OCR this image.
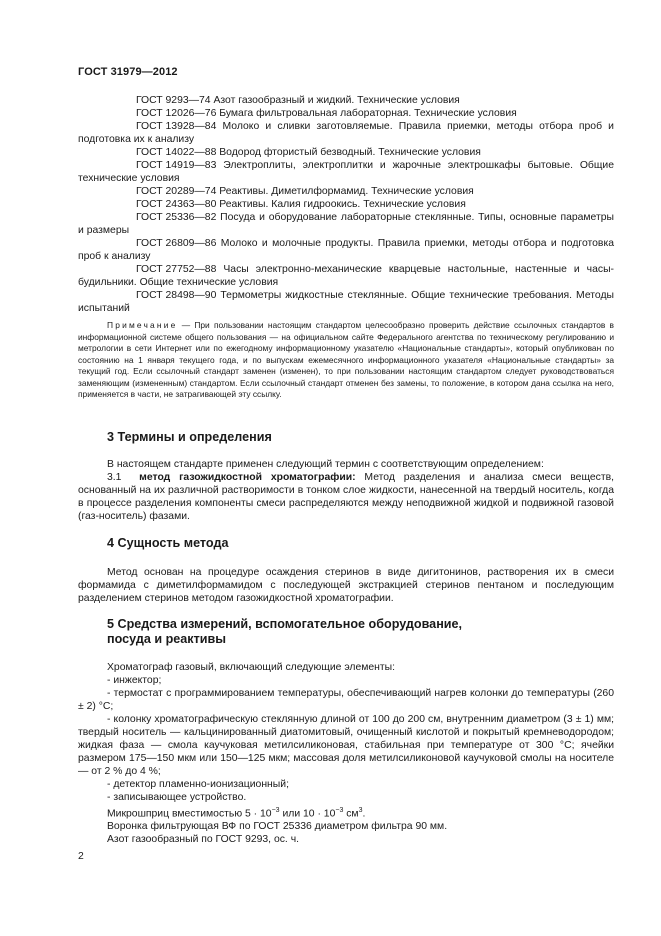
ГОСТ 31979—2012

ГОСТ 9293—74 Азот газообразный и жидкий. Технические условия

ГОСТ 12026—76 Бумага фильтровальная лабораторная. Технические условия

ГОСТ 13928—84 Молоко и сливки заготовляемые. Правила приемки, методы отбора проб и подготовка их к анализу

ГОСТ 14022—88 Водород фтористый безводный. Технические условия

ГОСТ 14919—83 Электроплиты, электроплитки и жарочные электрошкафы бытовые. Общие технические условия

ГОСТ 20289—74 Реактивы. Диметилформамид. Технические условия

ГОСТ 24363—80 Реактивы. Калия гидроокись. Технические условия

ГОСТ 25336—82 Посуда и оборудование лабораторные стеклянные. Типы, основные параметры и размеры

ГОСТ 26809—86 Молоко и молочные продукты. Правила приемки, методы отбора и подготовка проб к анализу

ГОСТ 27752—88 Часы электронно-механические кварцевые настольные, настенные и часы-будильники. Общие технические условия

ГОСТ 28498—90 Термометры жидкостные стеклянные. Общие технические требования. Методы испытаний

Примечание — При пользовании настоящим стандартом целесообразно проверить действие ссылочных стандартов в информационной системе общего пользования — на официальном сайте Федерального агентства по техническому регулированию и метрологии в сети Интернет или по ежегодному информационному указателю «Национальные стандарты», который опубликован по состоянию на 1 января текущего года, и по выпускам ежемесячного информационного указателя «Национальные стандарты» за текущий год. Если ссылочный стандарт заменен (изменен), то при пользовании настоящим стандартом следует руководствоваться заменяющим (измененным) стандартом. Если ссылочный стандарт отменен без замены, то положение, в котором дана ссылка на него, применяется в части, не затрагивающей эту ссылку.

3 Термины и определения

В настоящем стандарте применен следующий термин с соответствующим определением:

3.1 метод газожидкостной хроматографии: Метод разделения и анализа смеси веществ, основанный на их различной растворимости в тонком слое жидкости, нанесенной на твердый носитель, когда в процессе разделения компоненты смеси распределяются между неподвижной жидкой и подвижной газовой (газ-носитель) фазами.

4 Сущность метода

Метод основан на процедуре осаждения стеринов в виде дигитонинов, растворения их в смеси формамида с диметилформамидом с последующей экстракцией стеринов пентаном и последующим разделением стеринов методом газожидкостной хроматографии.

5 Средства измерений, вспомогательное оборудование,
посуда и реактивы

Хроматограф газовый, включающий следующие элементы:

- инжектор;

- термостат с программированием температуры, обеспечивающий нагрев колонки до температуры (260 ± 2) °С;

- колонку хроматографическую стеклянную длиной от 100 до 200 см, внутренним диаметром (3 ± 1) мм; твердый носитель — кальцинированный диатомитовый, очищенный кислотой и покрытый кремневодородом; жидкая фаза — смола каучуковая метилсиликоновая, стабильная при температуре от 300 °С; ячейки размером 175—150 мкм или 150—125 мкм; массовая доля метилсиликоновой каучуковой смолы на носителе — от 2 % до 4 %;

- детектор пламенно-ионизационный;

- записывающее устройство.

Микрошприц вместимостью $5 \cdot 10^{-3}$ или $10 \cdot 10^{-3}$ $см^3$.

Воронка фильтрующая ВФ по ГОСТ 25336 диаметром фильтра 90 мм.

Азот газообразный по ГОСТ 9293, ос. ч.

2
